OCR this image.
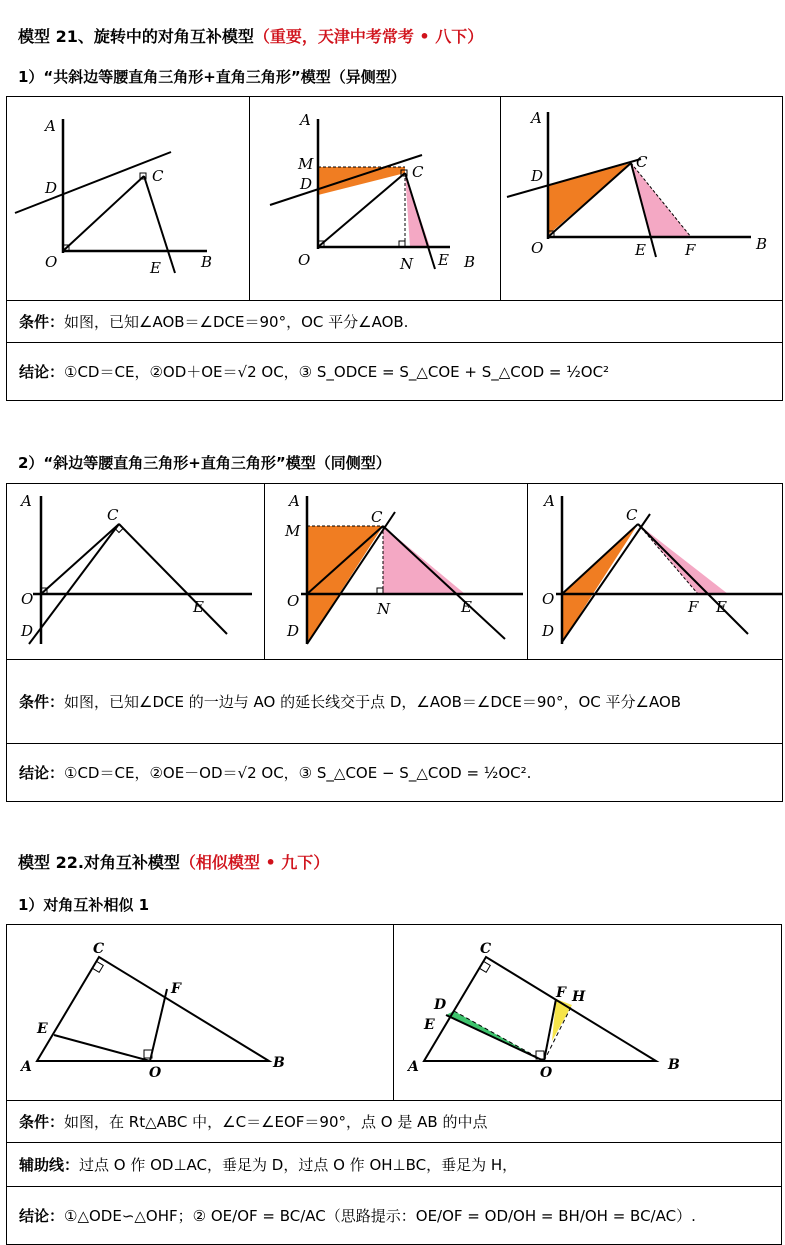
模型 21、旋转中的对角互补模型（重要，天津中考常考 • 八下）
1）“共斜边等腰直角三角形+直角三角形”模型（异侧型）
A
D
C
O	E	B

A
M
D
C
O	N E B

A
D
C
O	E	F	B

条件：如图，已知∠AOB＝∠DCE＝90°，OC 平分∠AOB.
结论：①CD＝CE，②OD＋OE＝√2 OC，③ S_ODCE = S_△COE + S_△COD = ½OC²
2）“斜边等腰直角三角形+直角三角形”模型（同侧型）
A
C
O	E
D

A
M
C
O	N	E
D

A
C
O	F E
D

条件：如图，已知∠DCE 的一边与 AO 的延长线交于点 D，∠AOB＝∠DCE＝90°，OC 平分∠AOB
结论：①CD＝CE，②OE－OD＝√2 OC，③ S_△COE − S_△COD = ½OC².
模型 22.对角互补模型（相似模型 • 九下）
1）对角互补相似 1
C
F
E
A	O
B

C
F H
D
E
A	O	B

条件：如图，在 Rt△ABC 中，∠C＝∠EOF＝90°，点 O 是 AB 的中点
辅助线：过点 O 作 OD⊥AC，垂足为 D，过点 O 作 OH⊥BC，垂足为 H，
结论：①△ODE∽△OHF；② OE/OF = BC/AC（思路提示：OE/OF = OD/OH = BH/OH = BC/AC）.
